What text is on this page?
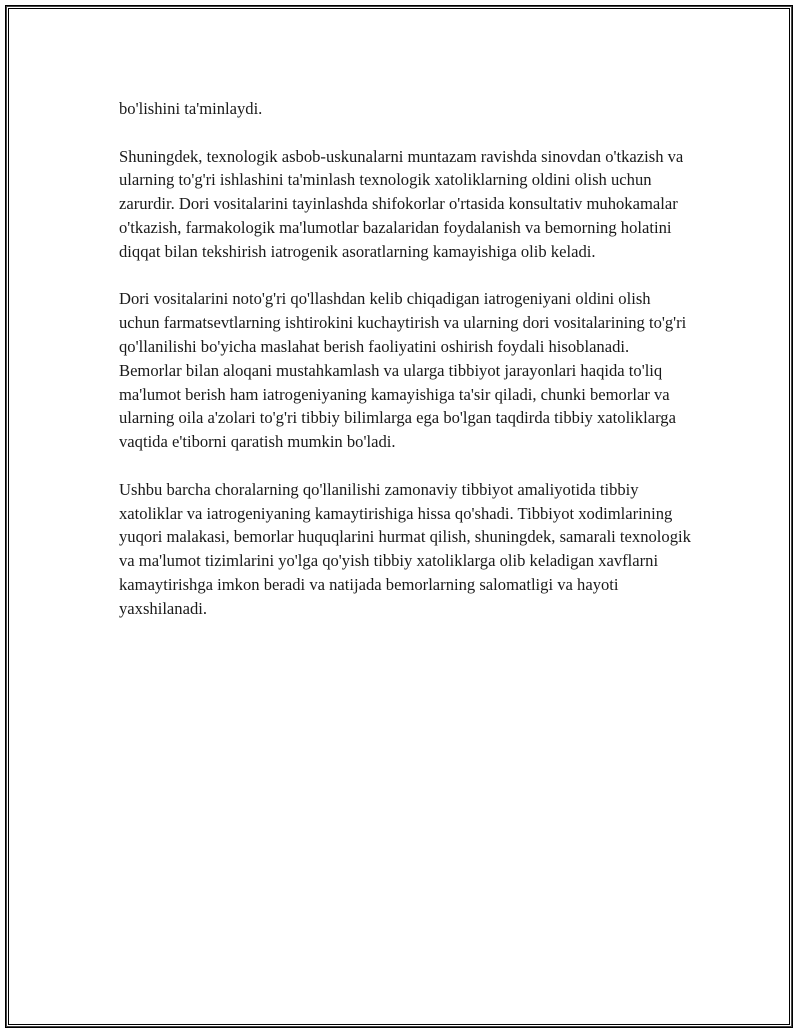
bo'lishini ta'minlaydi.

Shuningdek, texnologik asbob-uskunalarni muntazam ravishda sinovdan o'tkazish va ularning to'g'ri ishlashini ta'minlash texnologik xatoliklarning oldini olish uchun zarurdir. Dori vositalarini tayinlashda shifokorlar o'rtasida konsultativ muhokamalar o'tkazish, farmakologik ma'lumotlar bazalaridan foydalanish va bemorning holatini diqqat bilan tekshirish iatrogenik asoratlarning kamayishiga olib keladi.

Dori vositalarini noto'g'ri qo'llashdan kelib chiqadigan iatrogeniyani oldini olish uchun farmatsevtlarning ishtirokini kuchaytirish va ularning dori vositalarining to'g'ri qo'llanilishi bo'yicha maslahat berish faoliyatini oshirish foydali hisoblanadi. Bemorlar bilan aloqani mustahkamlash va ularga tibbiyot jarayonlari haqida to'liq ma'lumot berish ham iatrogeniyaning kamayishiga ta'sir qiladi, chunki bemorlar va ularning oila a'zolari to'g'ri tibbiy bilimlarga ega bo'lgan taqdirda tibbiy xatoliklarga vaqtida e'tiborni qaratish mumkin bo'ladi.

Ushbu barcha choralarning qo'llanilishi zamonaviy tibbiyot amaliyotida tibbiy xatoliklar va iatrogeniyaning kamaytirishiga hissa qo'shadi. Tibbiyot xodimlarining yuqori malakasi, bemorlar huquqlarini hurmat qilish, shuningdek, samarali texnologik va ma'lumot tizimlarini yo'lga qo'yish tibbiy xatoliklarga olib keladigan xavflarni kamaytirishga imkon beradi va natijada bemorlarning salomatligi va hayoti yaxshilanadi.
